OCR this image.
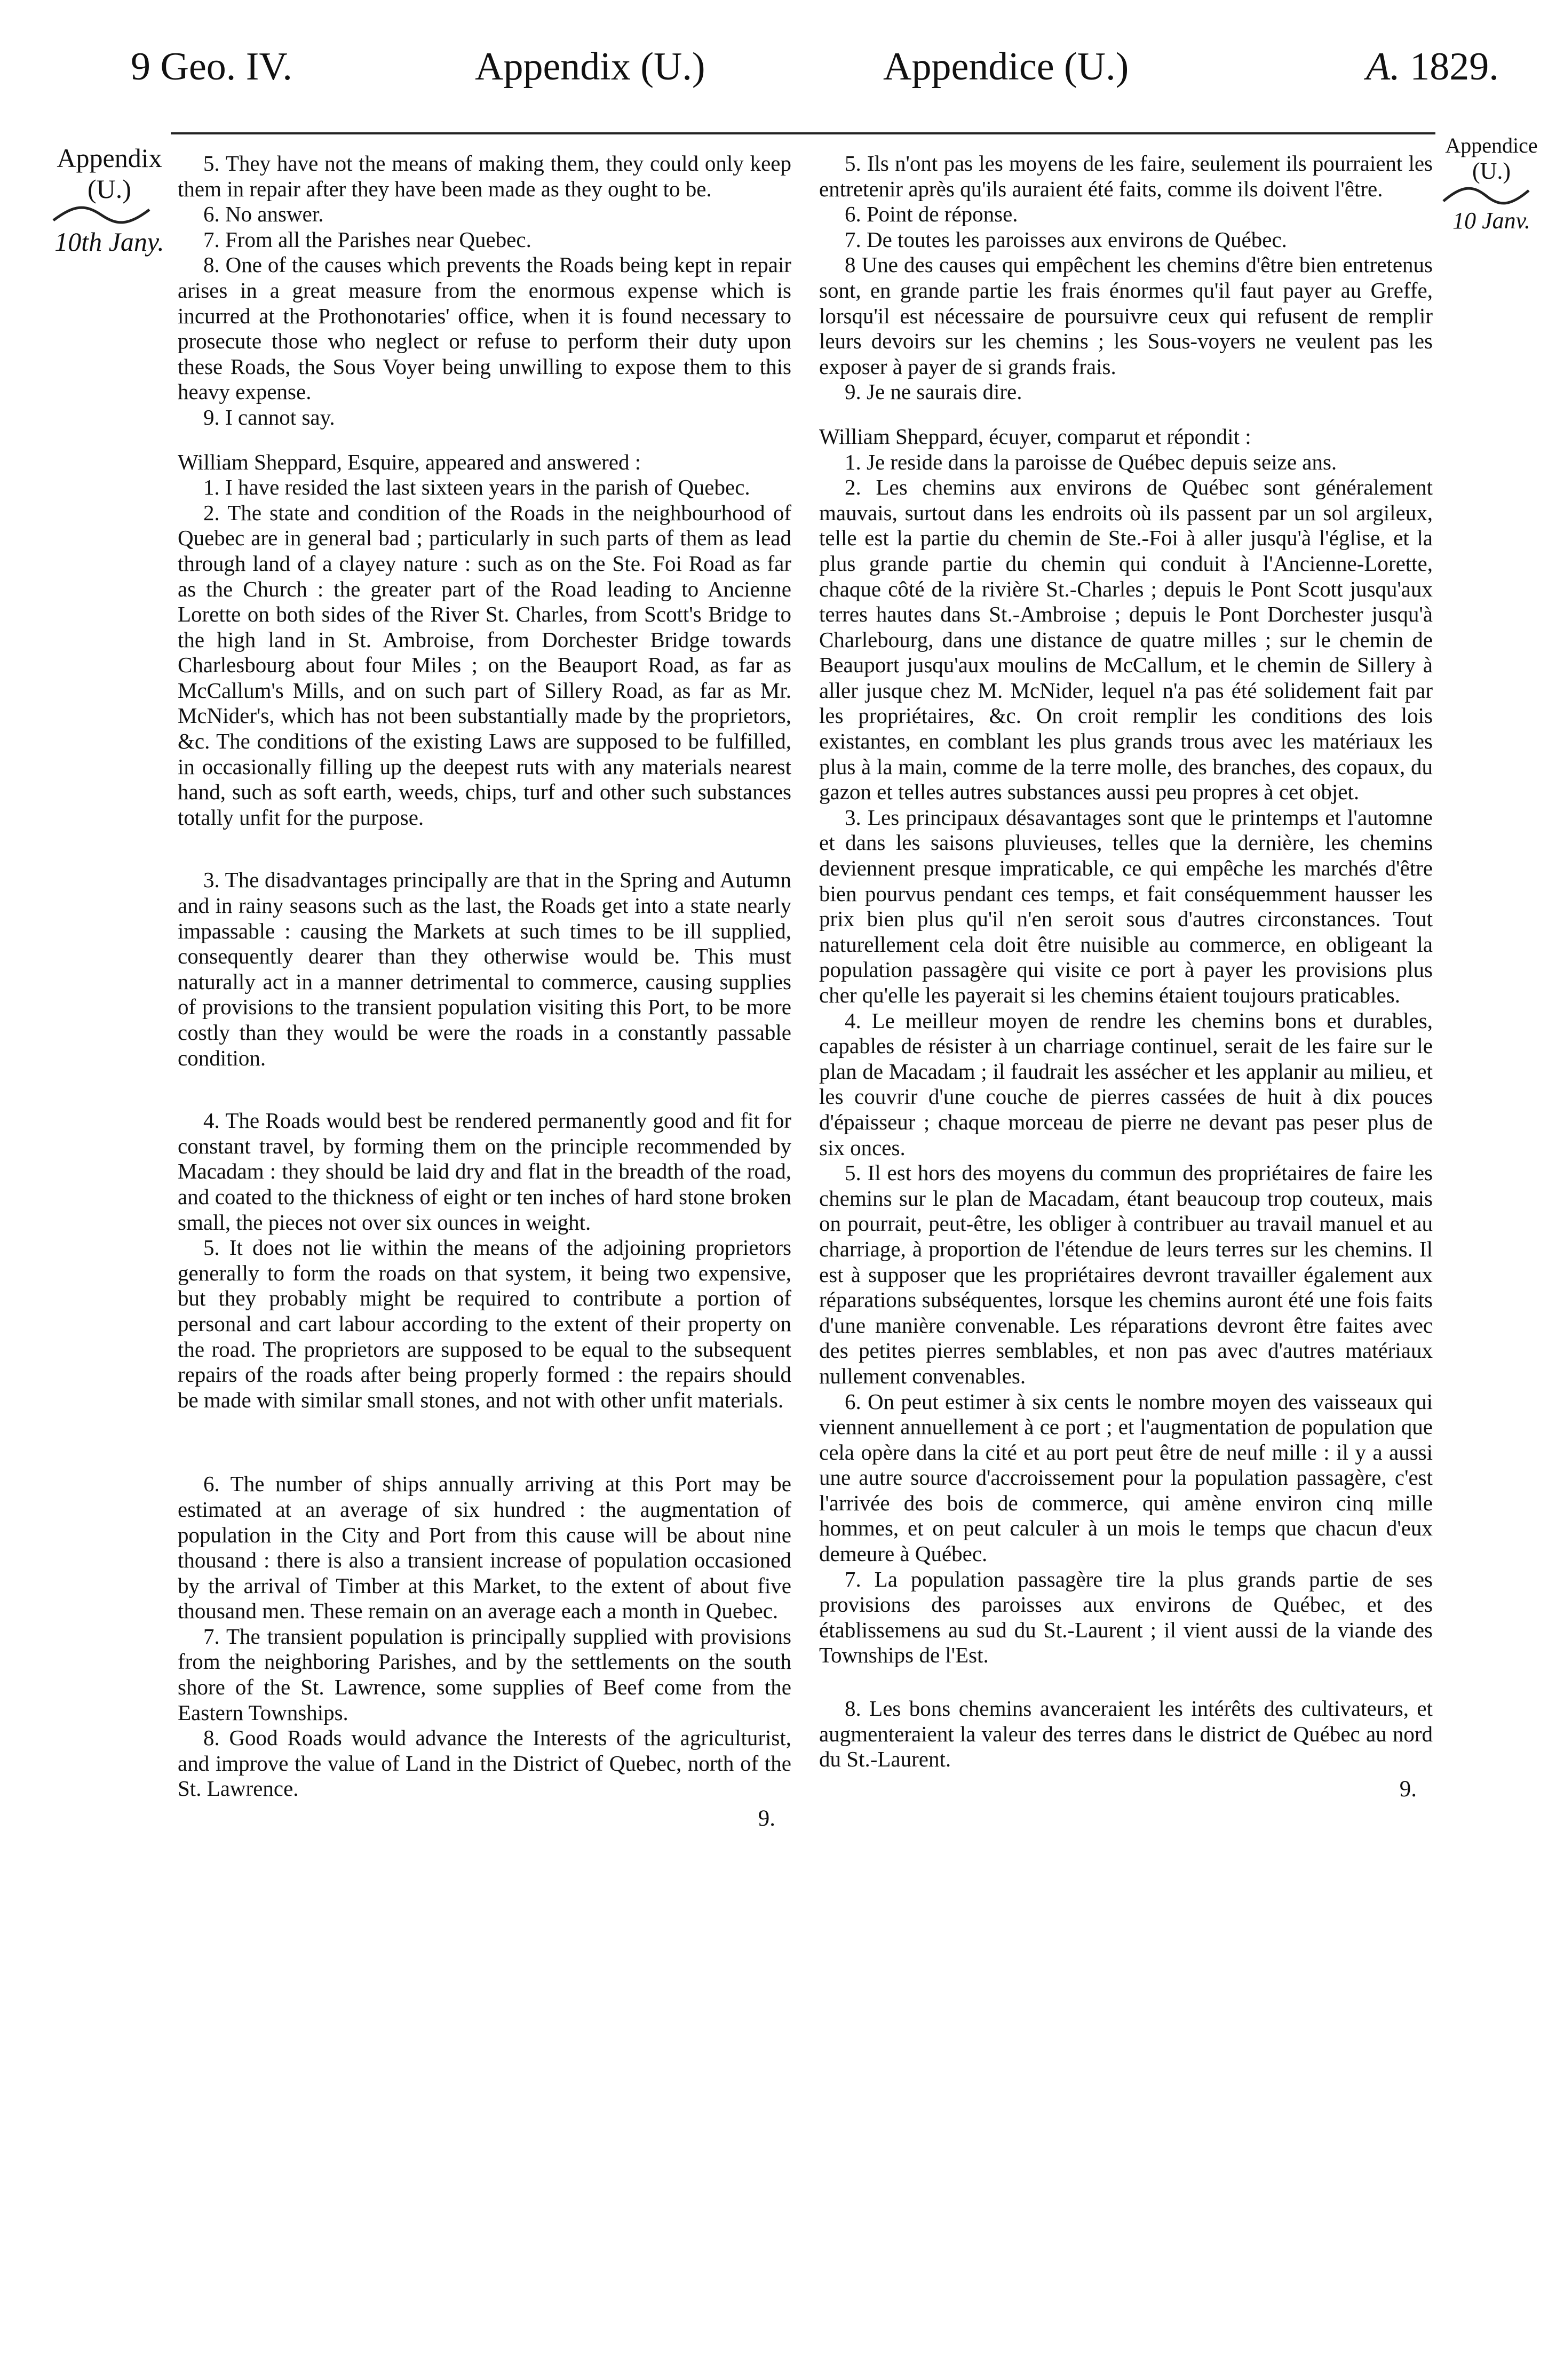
9 Geo. IV.	Appendix (U.)	Appendice (U.)	A. 1829.
Appendix
(U.)
10th Jany.
Appendice
(U.)
10 Janv.

5. They have not the means of making them, they could only keep them in repair after they have been made as they ought to be.

6. No answer.

7. From all the Parishes near Quebec.

8. One of the causes which prevents the Roads being kept in repair arises in a great measure from the enormous expense which is incurred at the Prothonotaries' office, when it is found necessary to prosecute those who neglect or refuse to perform their duty upon these Roads, the Sous Voyer being unwilling to expose them to this heavy expense.

9. I cannot say.

William Sheppard, Esquire, appeared and answered :

1. I have resided the last sixteen years in the parish of Quebec.

2. The state and condition of the Roads in the neighbourhood of Quebec are in general bad ; particularly in such parts of them as lead through land of a clayey nature : such as on the Ste. Foi Road as far as the Church : the greater part of the Road leading to Ancienne Lorette on both sides of the River St. Charles, from Scott's Bridge to the high land in St. Ambroise, from Dorchester Bridge towards Charlesbourg about four Miles ; on the Beauport Road, as far as McCallum's Mills, and on such part of Sillery Road, as far as Mr. McNider's, which has not been substantially made by the proprietors, &c. The conditions of the existing Laws are supposed to be fulfilled, in occasionally filling up the deepest ruts with any materials nearest hand, such as soft earth, weeds, chips, turf and other such substances totally unfit for the purpose.

3. The disadvantages principally are that in the Spring and Autumn and in rainy seasons such as the last, the Roads get into a state nearly impassable : causing the Markets at such times to be ill supplied, consequently dearer than they otherwise would be. This must naturally act in a manner detrimental to commerce, causing supplies of provisions to the transient population visiting this Port, to be more costly than they would be were the roads in a constantly passable condition.

4. The Roads would best be rendered permanently good and fit for constant travel, by forming them on the principle recommended by Macadam : they should be laid dry and flat in the breadth of the road, and coated to the thickness of eight or ten inches of hard stone broken small, the pieces not over six ounces in weight.

5. It does not lie within the means of the adjoining proprietors generally to form the roads on that system, it being two expensive, but they probably might be required to contribute a portion of personal and cart labour according to the extent of their property on the road. The proprietors are supposed to be equal to the subsequent repairs of the roads after being properly formed : the repairs should be made with similar small stones, and not with other unfit materials.

6. The number of ships annually arriving at this Port may be estimated at an average of six hundred : the augmentation of population in the City and Port from this cause will be about nine thousand : there is also a transient increase of population occasioned by the arrival of Timber at this Market, to the extent of about five thousand men. These remain on an average each a month in Quebec.

7. The transient population is principally supplied with provisions from the neighboring Parishes, and by the settlements on the south shore of the St. Lawrence, some supplies of Beef come from the Eastern Townships.

8. Good Roads would advance the Interests of the agriculturist, and improve the value of Land in the District of Quebec, north of the St. Lawrence.

9.

5. Ils n'ont pas les moyens de les faire, seulement ils pourraient les entretenir après qu'ils auraient été faits, comme ils doivent l'être.

6. Point de réponse.

7. De toutes les paroisses aux environs de Québec.

8 Une des causes qui empêchent les chemins d'être bien entretenus sont, en grande partie les frais énormes qu'il faut payer au Greffe, lorsqu'il est nécessaire de poursuivre ceux qui refusent de remplir leurs devoirs sur les chemins ; les Sous-voyers ne veulent pas les exposer à payer de si grands frais.

9. Je ne saurais dire.

William Sheppard, écuyer, comparut et répondit :

1. Je reside dans la paroisse de Québec depuis seize ans.

2. Les chemins aux environs de Québec sont généralement mauvais, surtout dans les endroits où ils passent par un sol argileux, telle est la partie du chemin de Ste.-Foi à aller jusqu'à l'église, et la plus grande partie du chemin qui conduit à l'Ancienne-Lorette, chaque côté de la rivière St.-Charles ; depuis le Pont Scott jusqu'aux terres hautes dans St.-Ambroise ; depuis le Pont Dorchester jusqu'à Charlebourg, dans une distance de quatre milles ; sur le chemin de Beauport jusqu'aux moulins de McCallum, et le chemin de Sillery à aller jusque chez M. McNider, lequel n'a pas été solidement fait par les propriétaires, &c. On croit remplir les conditions des lois existantes, en comblant les plus grands trous avec les matériaux les plus à la main, comme de la terre molle, des branches, des copaux, du gazon et telles autres substances aussi peu propres à cet objet.

3. Les principaux désavantages sont que le printemps et l'automne et dans les saisons pluvieuses, telles que la dernière, les chemins deviennent presque impraticable, ce qui empêche les marchés d'être bien pourvus pendant ces temps, et fait conséquemment hausser les prix bien plus qu'il n'en seroit sous d'autres circonstances. Tout naturellement cela doit être nuisible au commerce, en obligeant la population passagère qui visite ce port à payer les provisions plus cher qu'elle les payerait si les chemins étaient toujours praticables.

4. Le meilleur moyen de rendre les chemins bons et durables, capables de résister à un charriage continuel, serait de les faire sur le plan de Macadam ; il faudrait les assécher et les applanir au milieu, et les couvrir d'une couche de pierres cassées de huit à dix pouces d'épaisseur ; chaque morceau de pierre ne devant pas peser plus de six onces.

5. Il est hors des moyens du commun des propriétaires de faire les chemins sur le plan de Macadam, étant beaucoup trop couteux, mais on pourrait, peut-être, les obliger à contribuer au travail manuel et au charriage, à proportion de l'étendue de leurs terres sur les chemins. Il est à supposer que les propriétaires devront travailler également aux réparations subséquentes, lorsque les chemins auront été une fois faits d'une manière convenable. Les réparations devront être faites avec des petites pierres semblables, et non pas avec d'autres matériaux nullement convenables.

6. On peut estimer à six cents le nombre moyen des vaisseaux qui viennent annuellement à ce port ; et l'augmentation de population que cela opère dans la cité et au port peut être de neuf mille : il y a aussi une autre source d'accroissement pour la population passagère, c'est l'arrivée des bois de commerce, qui amène environ cinq mille hommes, et on peut calculer à un mois le temps que chacun d'eux demeure à Québec.

7. La population passagère tire la plus grands partie de ses provisions des paroisses aux environs de Québec, et des établissemens au sud du St.-Laurent ; il vient aussi de la viande des Townships de l'Est.

8. Les bons chemins avanceraient les intérêts des cultivateurs, et augmenteraient la valeur des terres dans le district de Québec au nord du St.-Laurent.

9.
